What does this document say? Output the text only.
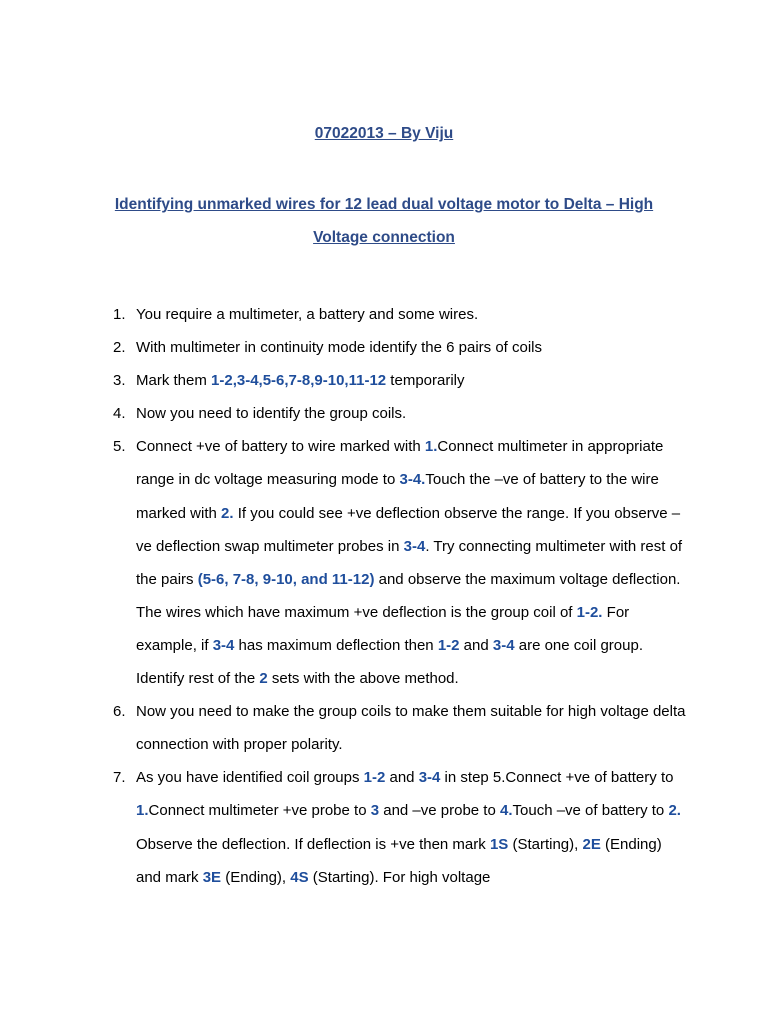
07022013 – By Viju
Identifying unmarked wires for 12 lead dual voltage motor to Delta – High Voltage connection
1. You require a multimeter, a battery and some wires.
2. With multimeter in continuity mode identify the 6 pairs of coils
3. Mark them 1-2,3-4,5-6,7-8,9-10,11-12 temporarily
4. Now you need to identify the group coils.
5. Connect +ve of battery to wire marked with 1.Connect multimeter in appropriate range in dc voltage measuring mode to 3-4.Touch the –ve of battery to the wire marked with 2. If you could see +ve deflection observe the range. If you observe –ve deflection swap multimeter probes in 3-4. Try connecting multimeter with rest of the pairs (5-6, 7-8, 9-10, and 11-12) and observe the maximum voltage deflection. The wires which have maximum +ve deflection is the group coil of 1-2. For example, if 3-4 has maximum deflection then 1-2 and 3-4 are one coil group. Identify rest of the 2 sets with the above method.
6. Now you need to make the group coils to make them suitable for high voltage delta connection with proper polarity.
7. As you have identified coil groups 1-2 and 3-4 in step 5.Connect +ve of battery to 1.Connect multimeter +ve probe to 3 and –ve probe to 4.Touch –ve of battery to 2. Observe the deflection. If deflection is +ve then mark 1S (Starting), 2E (Ending) and mark 3E (Ending), 4S (Starting). For high voltage
